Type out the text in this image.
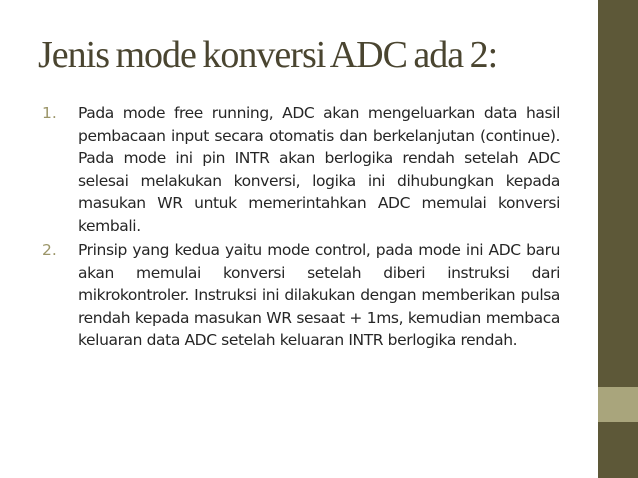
Jenis mode konversi ADC ada 2:
1.	Pada mode free running, ADC akan mengeluarkan data hasil pembacaan input secara otomatis dan berkelanjutan (continue). Pada mode ini pin INTR akan berlogika rendah setelah ADC selesai melakukan konversi, logika ini dihubungkan kepada masukan WR untuk memerintahkan ADC memulai konversi kembali.
2.	Prinsip yang kedua yaitu mode control, pada mode ini ADC baru akan memulai konversi setelah diberi instruksi dari mikrokontroler. Instruksi ini dilakukan dengan memberikan pulsa rendah kepada masukan WR sesaat + 1ms, kemudian membaca keluaran data ADC setelah keluaran INTR berlogika rendah.
